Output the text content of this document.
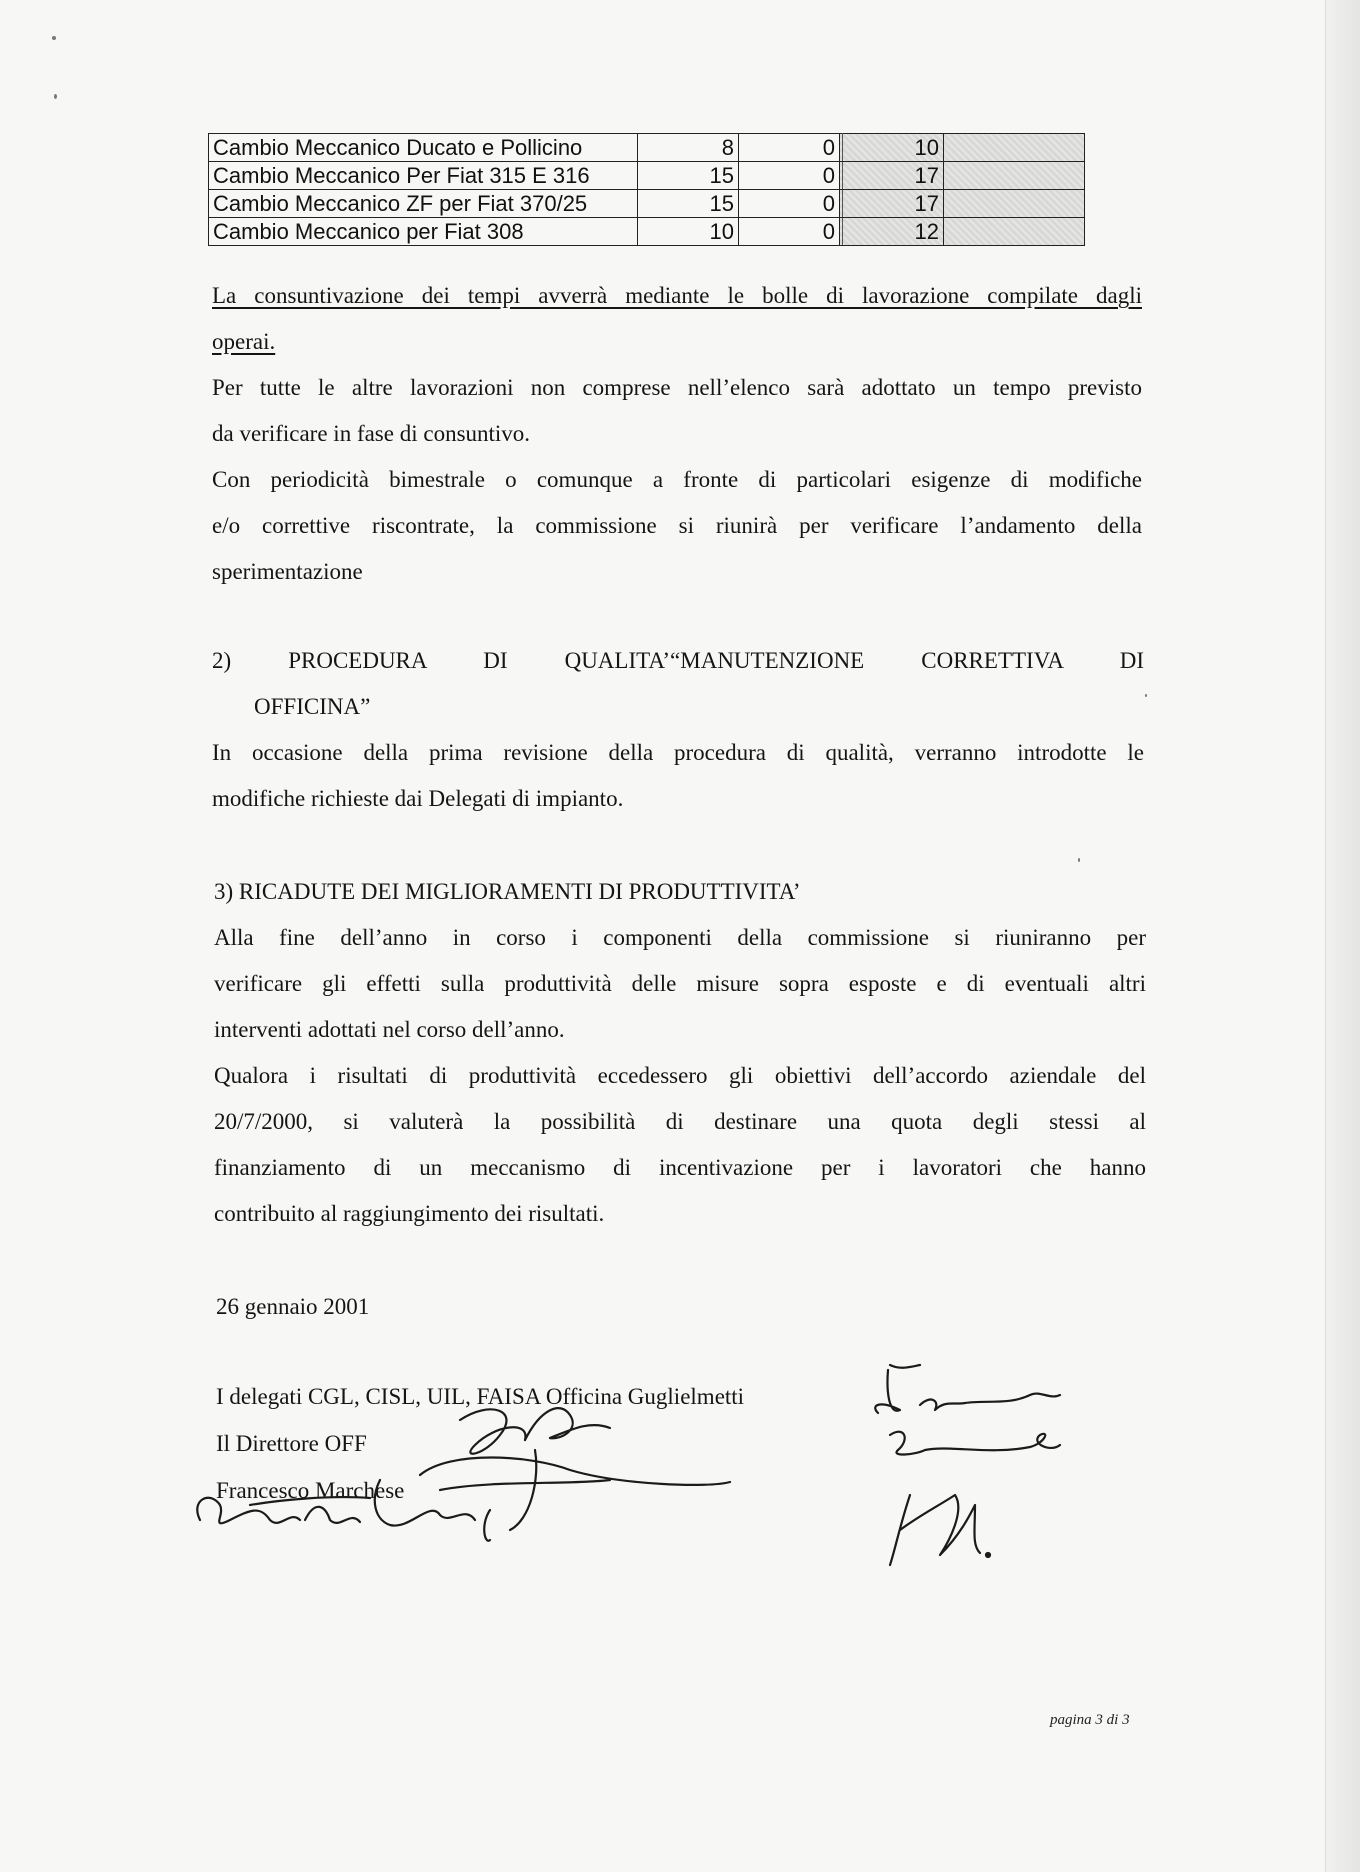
Cambio Meccanico Ducato e Pollicino	8	0		10	
Cambio Meccanico Per Fiat 315 E 316	15	0		17	
Cambio Meccanico ZF per Fiat 370/25	15	0		17	
Cambio Meccanico per Fiat 308	10	0		12	
La consuntivazione dei tempi avverrà mediante le bolle di lavorazione compilate dagli
operai.
Per tutte le altre lavorazioni non comprese nell’elenco sarà adottato un tempo previsto
da verificare in fase di consuntivo.
Con periodicità bimestrale o comunque a fronte di particolari esigenze di modifiche
e/o correttive riscontrate, la commissione si riunirà per verificare l’andamento della
sperimentazione
2) PROCEDURA DI QUALITA’“MANUTENZIONE CORRETTIVA DI
OFFICINA”
In occasione della prima revisione della procedura di qualità, verranno introdotte le
modifiche richieste dai Delegati di impianto.
3) RICADUTE DEI MIGLIORAMENTI DI PRODUTTIVITA’
Alla fine dell’anno in corso i componenti della commissione si riuniranno per
verificare gli effetti sulla produttività delle misure sopra esposte e di eventuali altri
interventi adottati nel corso dell’anno.
Qualora i risultati di produttività eccedessero gli obiettivi dell’accordo aziendale del
20/7/2000, si valuterà la possibilità di destinare una quota degli stessi al
finanziamento di un meccanismo di incentivazione per i lavoratori che hanno
contribuito al raggiungimento dei risultati.
26 gennaio 2001
I delegati CGL, CISL, UIL, FAISA Officina Guglielmetti
Il Direttore OFF
Francesco Marchese
pagina 3 di 3
